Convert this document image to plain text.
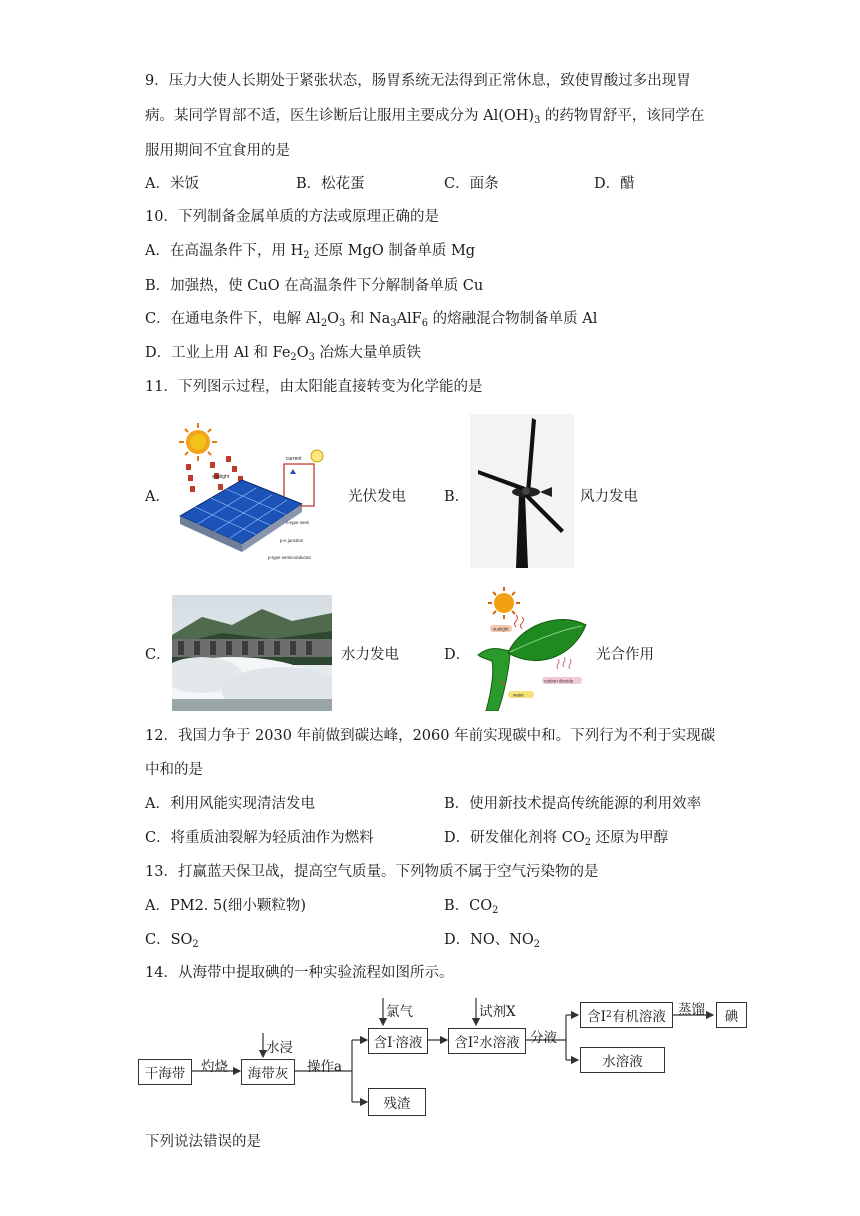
9．压力大使人长期处于紧张状态，肠胃系统无法得到正常休息，致使胃酸过多出现胃
病。某同学胃部不适，医生诊断后让服用主要成分为 $Al(OH)_3$ 的药物胃舒平，该同学在
服用期间不宜食用的是
A．米饭	B．松花蛋	C．面条	D．醋
10．下列制备金属单质的方法或原理正确的是
A．在高温条件下，用 $H_2$ 还原 MgO 制备单质 Mg
B．加强热，使 CuO 在高温条件下分解制备单质 Cu
C．在通电条件下，电解 $Al_2O_3$ 和 $Na_3AlF_6$ 的熔融混合物制备单质 Al
D．工业上用 Al 和 $Fe_2O_3$ 冶炼大量单质铁
11．下列图示过程，由太阳能直接转变为化学能的是
A．
sunlight
current
n-type semi
p-n junction
p-type semiconductor
光伏发电	B．	风力发电
C．	水力发电	D．
sunlight
carbon dioxide
water
光合作用
12．我国力争于 2030 年前做到碳达峰，2060 年前实现碳中和。下列行为不利于实现碳
中和的是
A．利用风能实现清洁发电	B．使用新技术提高传统能源的利用效率
C．将重质油裂解为轻质油作为燃料	D．研发催化剂将 $CO_2$ 还原为甲醇
13．打赢蓝天保卫战，提高空气质量。下列物质不属于空气污染物的是
A．PM2. 5(细小颗粒物)	B．$CO_2$
C．$SO_2$	D．NO、$NO_2$
14．从海带中提取碘的一种实验流程如图所示。
干海带	灼烧	海带灰
水浸
操作a
含I - 溶液
氯气
残渣
含I 2 水溶液
试剂X
分液
含I 2 有机溶液
水溶液
蒸馏	碘
下列说法错误的是
